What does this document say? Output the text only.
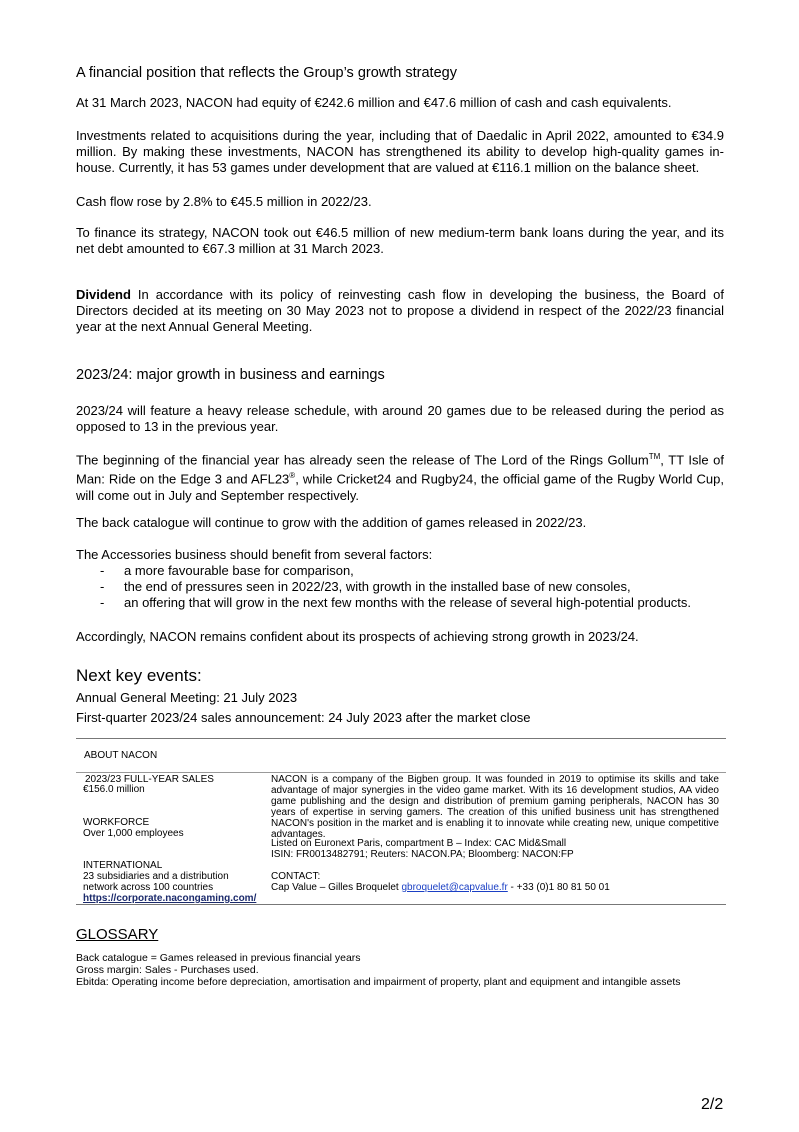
A financial position that reflects the Group’s growth strategy

At 31 March 2023, NACON had equity of €242.6 million and €47.6 million of cash and cash equivalents.

Investments related to acquisitions during the year, including that of Daedalic in April 2022, amounted to €34.9 million. By making these investments, NACON has strengthened its ability to develop high-quality games in-house. Currently, it has 53 games under development that are valued at €116.1 million on the balance sheet.

Cash flow rose by 2.8% to €45.5 million in 2022/23.

To finance its strategy, NACON took out €46.5 million of new medium-term bank loans during the year, and its net debt amounted to €67.3 million at 31 March 2023.

Dividend In accordance with its policy of reinvesting cash flow in developing the business, the Board of Directors decided at its meeting on 30 May 2023 not to propose a dividend in respect of the 2022/23 financial year at the next Annual General Meeting.

2023/24: major growth in business and earnings

2023/24 will feature a heavy release schedule, with around 20 games due to be released during the period as opposed to 13 in the previous year.

The beginning of the financial year has already seen the release of The Lord of the Rings Gollum™, TT Isle of Man: Ride on the Edge 3 and AFL23®, while Cricket24 and Rugby24, the official game of the Rugby World Cup, will come out in July and September respectively.

The back catalogue will continue to grow with the addition of games released in 2022/23.

The Accessories business should benefit from several factors:

- a more favourable base for comparison,
- the end of pressures seen in 2022/23, with growth in the installed base of new consoles,
- an offering that will grow in the next few months with the release of several high-potential products.

Accordingly, NACON remains confident about its prospects of achieving strong growth in 2023/24.

Next key events:
Annual General Meeting: 21 July 2023
First-quarter 2023/24 sales announcement: 24 July 2023 after the market close
ABOUT NACON
2023/23 FULL-YEAR SALES
€156.0 million
WORKFORCE
Over 1,000 employees
INTERNATIONAL
23 subsidiaries and a distribution network across 100 countries
https://corporate.nacongaming.com/
NACON is a company of the Bigben group. It was founded in 2019 to optimise its skills and take advantage of major synergies in the video game market. With its 16 development studios, AA video game publishing and the design and distribution of premium gaming peripherals, NACON has 30 years of expertise in serving gamers. The creation of this unified business unit has strengthened NACON's position in the market and is enabling it to innovate while creating new, unique competitive advantages.
Listed on Euronext Paris, compartment B – Index: CAC Mid&Small
ISIN: FR0013482791; Reuters: NACON.PA; Bloomberg: NACON:FP
CONTACT:
Cap Value – Gilles Broquelet gbroquelet@capvalue.fr - +33 (0)1 80 81 50 01
GLOSSARY
Back catalogue = Games released in previous financial years
Gross margin: Sales - Purchases used.
Ebitda: Operating income before depreciation, amortisation and impairment of property, plant and equipment and intangible assets
2/2
